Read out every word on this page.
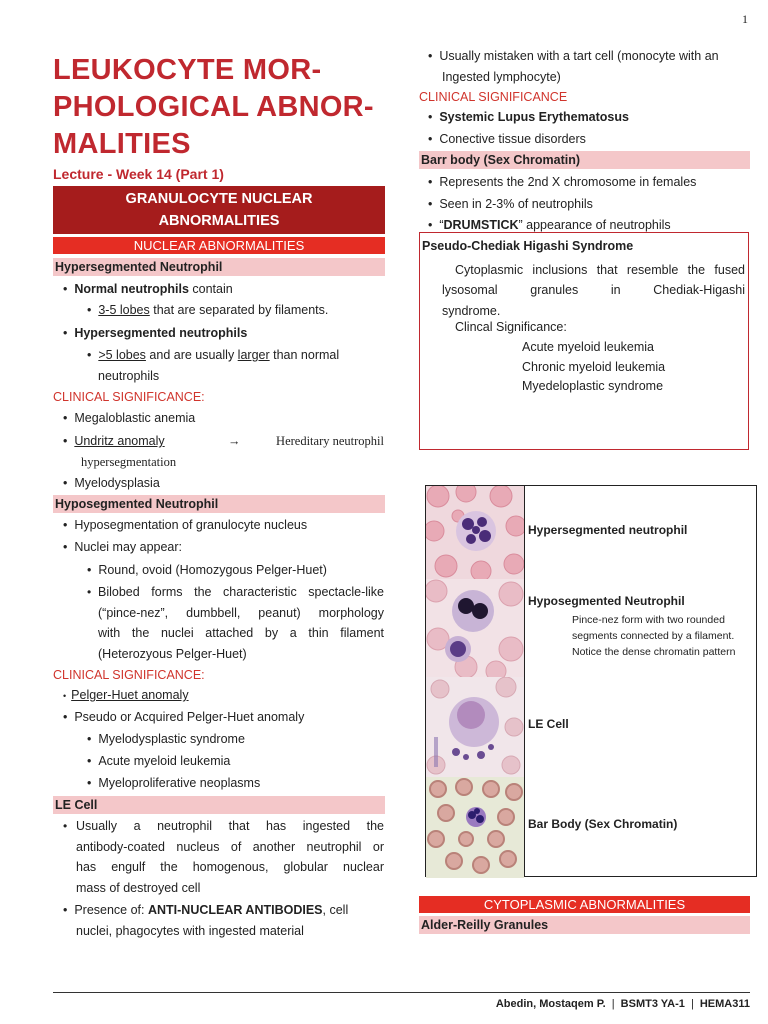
1
LEUKOCYTE MOR-
PHOLOGICAL ABNOR-
MALITIES
Lecture - Week 14 (Part 1)
GRANULOCYTE NUCLEAR
ABNORMALITIES
NUCLEAR ABNORMALITIES
Hypersegmented Neutrophil
•  Normal neutrophils contain
•  3-5 lobes that are separated by filaments.
•  Hypersegmented neutrophils
•  >5 lobes and are usually larger than normal
neutrophils
CLINICAL SIGNIFICANCE:
•  Megaloblastic anemia
•  Undritz anomaly	→	Hereditary neutrophil
hypersegmentation
•  Myelodysplasia
Hyposegmented Neutrophil
•  Hyposegmentation of granulocyte nucleus
•  Nuclei may appear:
•  Round, ovoid (Homozygous Pelger-Huet)
• Bilobed forms the characteristic spectacle-like
(“pince-nez”, dumbbell, peanut) morphology
with the nuclei attached by a thin filament
(Heterozyous Pelger-Huet)
CLINICAL SIGNIFICANCE:
•  Pelger-Huet anomaly
•  Pseudo or Acquired Pelger-Huet anomaly
•  Myelodysplastic syndrome
•  Acute myeloid leukemia
•  Myeloproliferative neoplasms
LE Cell
• Usually a neutrophil that has ingested the
antibody-coated nucleus of another neutrophil or
has engulf the homogenous, globular nuclear
mass of destroyed cell
•  Presence of: ANTI-NUCLEAR ANTIBODIES, cell
nuclei, phagocytes with ingested material
•  Usually mistaken with a tart cell (monocyte with an
Ingested lymphocyte)
CLINICAL SIGNIFICANCE
•  Systemic Lupus Erythematosus
•  Conective tissue disorders
Barr body (Sex Chromatin)
•  Represents the 2nd X chromosome in females
•  Seen in 2-3% of neutrophils
•  “DRUMSTICK” appearance of neutrophils
Pseudo-Chediak Higashi Syndrome
Cytoplasmic inclusions that resemble the fused
lysosomal granules in Chediak-Higashi
syndrome.
Clincal Significance:
Acute myeloid leukemia
Chronic myeloid leukemia
Myedeloplastic syndrome
Hypersegmented neutrophil
Hyposegmented Neutrophil
Pince-nez form with two rounded
segments connected by a filament.
Notice the dense chromatin pattern
LE Cell
Bar Body (Sex Chromatin)
CYTOPLASMIC ABNORMALITIES
Alder-Reilly Granules
Abedin, Mostaqem P. | BSMT3 YA-1 | HEMA311
